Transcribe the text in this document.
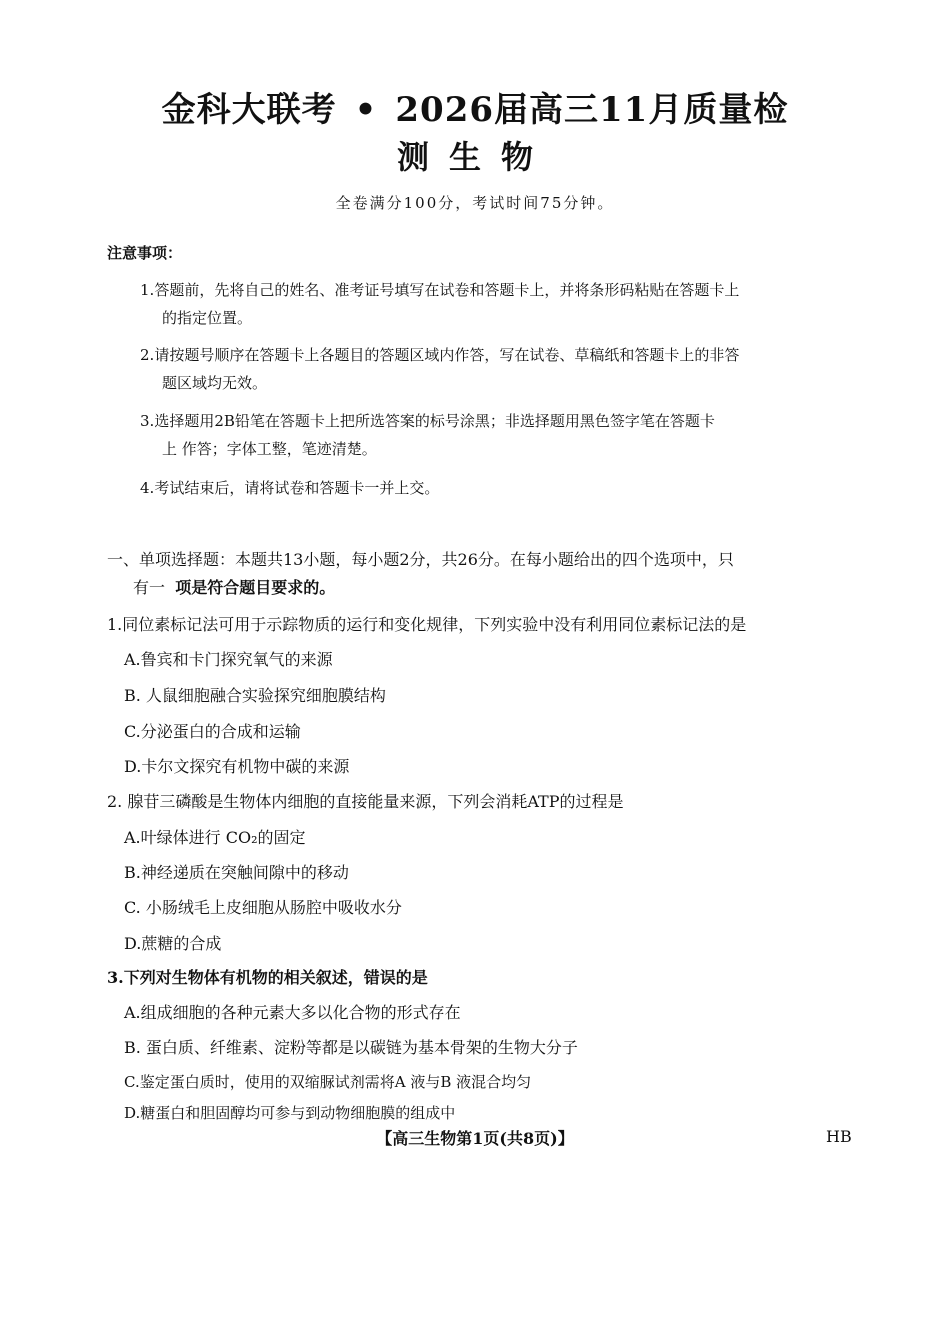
金科大联考 • 2026届高三11月质量检
测生物
全卷满分100分，考试时间75分钟。
注意事项：
1.答题前，先将自己的姓名、准考证号填写在试卷和答题卡上，并将条形码粘贴在答题卡上
的指定位置。
2.请按题号顺序在答题卡上各题目的答题区域内作答，写在试卷、草稿纸和答题卡上的非答
题区域均无效。
3.选择题用2B铅笔在答题卡上把所选答案的标号涂黑；非选择题用黑色签字笔在答题卡
上 作答；字体工整，笔迹清楚。
4.考试结束后，请将试卷和答题卡一并上交。
一、单项选择题：本题共13小题，每小题2分，共26分。在每小题给出的四个选项中，只
有一 项是符合题目要求的。
1.同位素标记法可用于示踪物质的运行和变化规律，下列实验中没有利用同位素标记法的是
A.鲁宾和卡门探究氧气的来源
B. 人鼠细胞融合实验探究细胞膜结构
C.分泌蛋白的合成和运输
D.卡尔文探究有机物中碳的来源
2. 腺苷三磷酸是生物体内细胞的直接能量来源，下列会消耗ATP的过程是
A.叶绿体进行 CO₂的固定
B.神经递质在突触间隙中的移动
C. 小肠绒毛上皮细胞从肠腔中吸收水分
D.蔗糖的合成
3.下列对生物体有机物的相关叙述，错误的是
A.组成细胞的各种元素大多以化合物的形式存在
B. 蛋白质、纤维素、淀粉等都是以碳链为基本骨架的生物大分子
C.鉴定蛋白质时，使用的双缩脲试剂需将A 液与B 液混合均匀
D.糖蛋白和胆固醇均可参与到动物细胞膜的组成中
【高三生物第1页(共8页)】	HB
